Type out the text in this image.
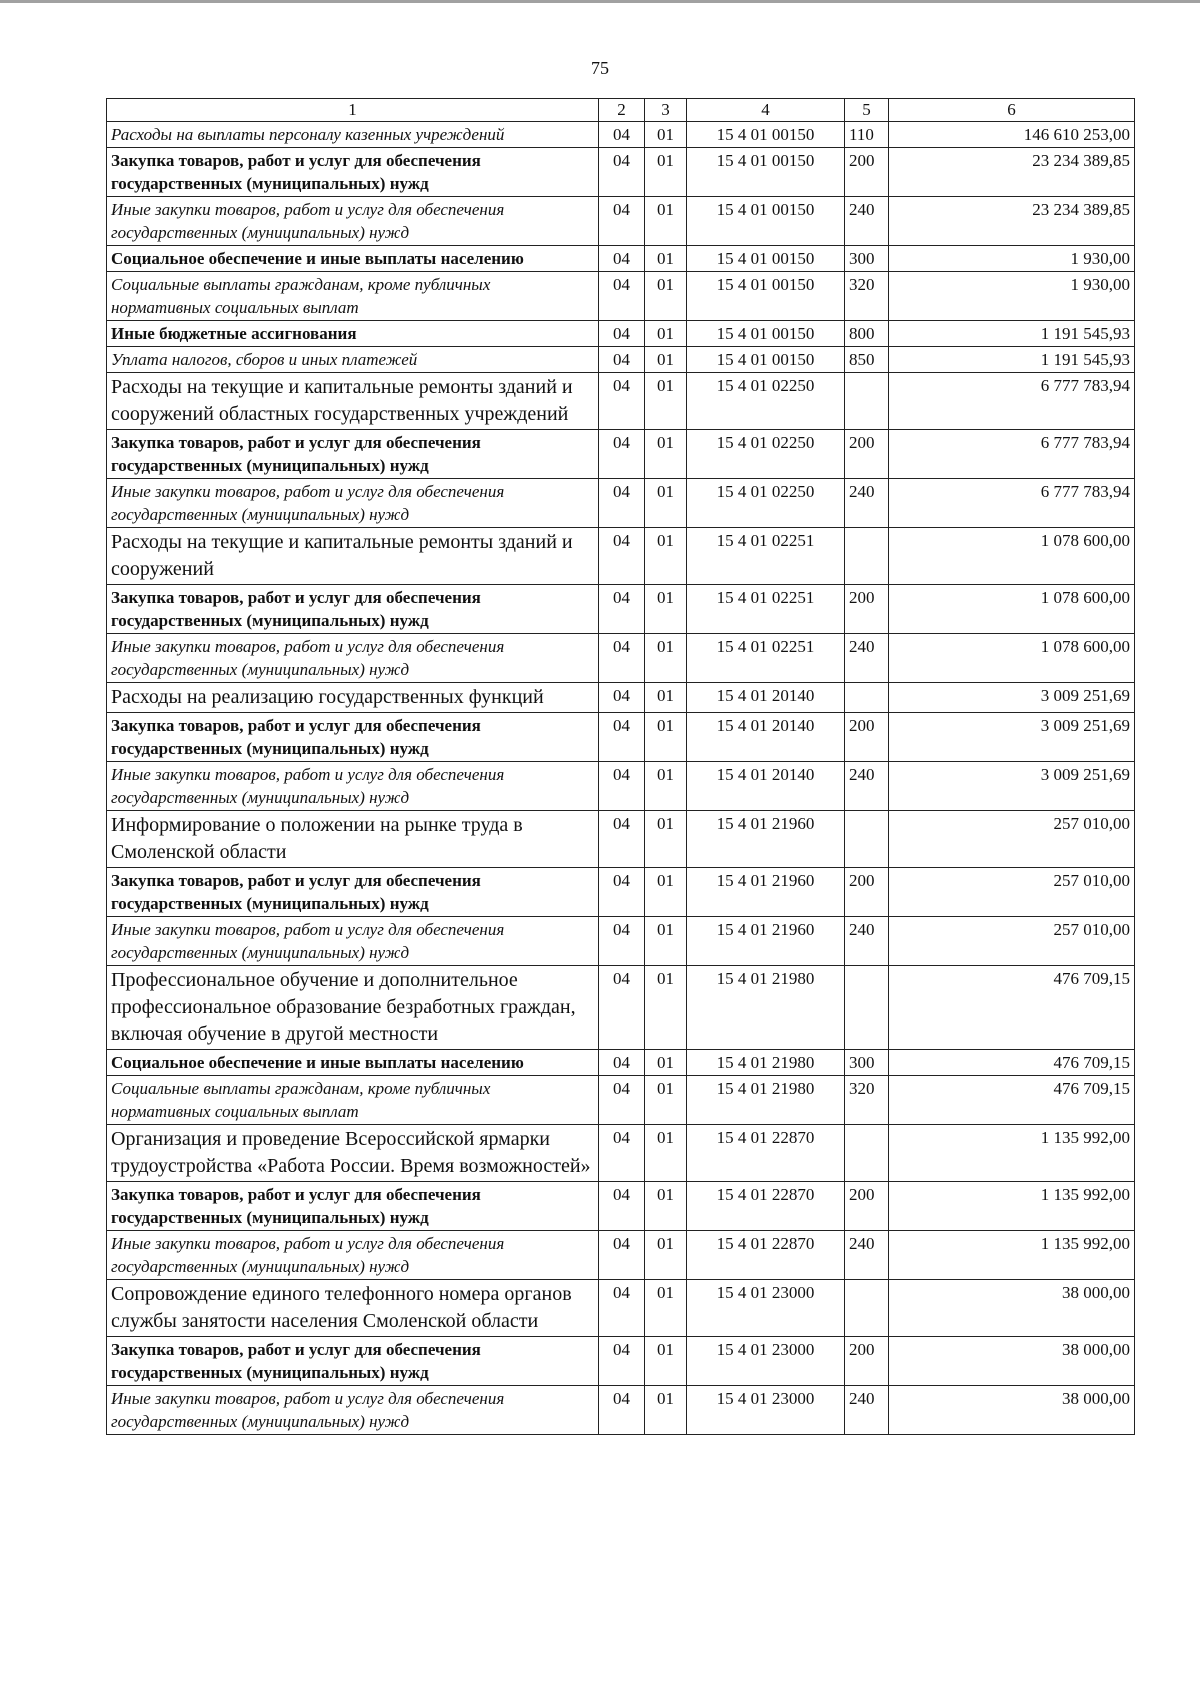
75
1	2	3	4	5	6
Расходы на выплаты персоналу казенных учреждений	04	01	15 4 01 00150	110	146 610 253,00
Закупка товаров, работ и услуг для обеспечения государственных (муниципальных) нужд	04	01	15 4 01 00150	200	23 234 389,85
Иные закупки товаров, работ и услуг для обеспечения государственных (муниципальных) нужд	04	01	15 4 01 00150	240	23 234 389,85
Социальное обеспечение и иные выплаты населению	04	01	15 4 01 00150	300	1 930,00
Социальные выплаты гражданам, кроме публичных нормативных социальных выплат	04	01	15 4 01 00150	320	1 930,00
Иные бюджетные ассигнования	04	01	15 4 01 00150	800	1 191 545,93
Уплата налогов, сборов и иных платежей	04	01	15 4 01 00150	850	1 191 545,93
Расходы на текущие и капитальные ремонты зданий и сооружений областных государственных учреждений	04	01	15 4 01 02250		6 777 783,94
Закупка товаров, работ и услуг для обеспечения государственных (муниципальных) нужд	04	01	15 4 01 02250	200	6 777 783,94
Иные закупки товаров, работ и услуг для обеспечения государственных (муниципальных) нужд	04	01	15 4 01 02250	240	6 777 783,94
Расходы на текущие и капитальные ремонты зданий и сооружений	04	01	15 4 01 02251		1 078 600,00
Закупка товаров, работ и услуг для обеспечения государственных (муниципальных) нужд	04	01	15 4 01 02251	200	1 078 600,00
Иные закупки товаров, работ и услуг для обеспечения государственных (муниципальных) нужд	04	01	15 4 01 02251	240	1 078 600,00
Расходы на реализацию государственных функций	04	01	15 4 01 20140		3 009 251,69
Закупка товаров, работ и услуг для обеспечения государственных (муниципальных) нужд	04	01	15 4 01 20140	200	3 009 251,69
Иные закупки товаров, работ и услуг для обеспечения государственных (муниципальных) нужд	04	01	15 4 01 20140	240	3 009 251,69
Информирование о положении на рынке труда в Смоленской области	04	01	15 4 01 21960		257 010,00
Закупка товаров, работ и услуг для обеспечения государственных (муниципальных) нужд	04	01	15 4 01 21960	200	257 010,00
Иные закупки товаров, работ и услуг для обеспечения государственных (муниципальных) нужд	04	01	15 4 01 21960	240	257 010,00
Профессиональное обучение и дополнительное профессиональное образование безработных граждан, включая обучение в другой местности	04	01	15 4 01 21980		476 709,15
Социальное обеспечение и иные выплаты населению	04	01	15 4 01 21980	300	476 709,15
Социальные выплаты гражданам, кроме публичных нормативных социальных выплат	04	01	15 4 01 21980	320	476 709,15
Организация и проведение Всероссийской ярмарки трудоустройства «Работа России. Время возможностей»	04	01	15 4 01 22870		1 135 992,00
Закупка товаров, работ и услуг для обеспечения государственных (муниципальных) нужд	04	01	15 4 01 22870	200	1 135 992,00
Иные закупки товаров, работ и услуг для обеспечения государственных (муниципальных) нужд	04	01	15 4 01 22870	240	1 135 992,00
Сопровождение единого телефонного номера органов службы занятости населения Смоленской области	04	01	15 4 01 23000		38 000,00
Закупка товаров, работ и услуг для обеспечения государственных (муниципальных) нужд	04	01	15 4 01 23000	200	38 000,00
Иные закупки товаров, работ и услуг для обеспечения государственных (муниципальных) нужд	04	01	15 4 01 23000	240	38 000,00
